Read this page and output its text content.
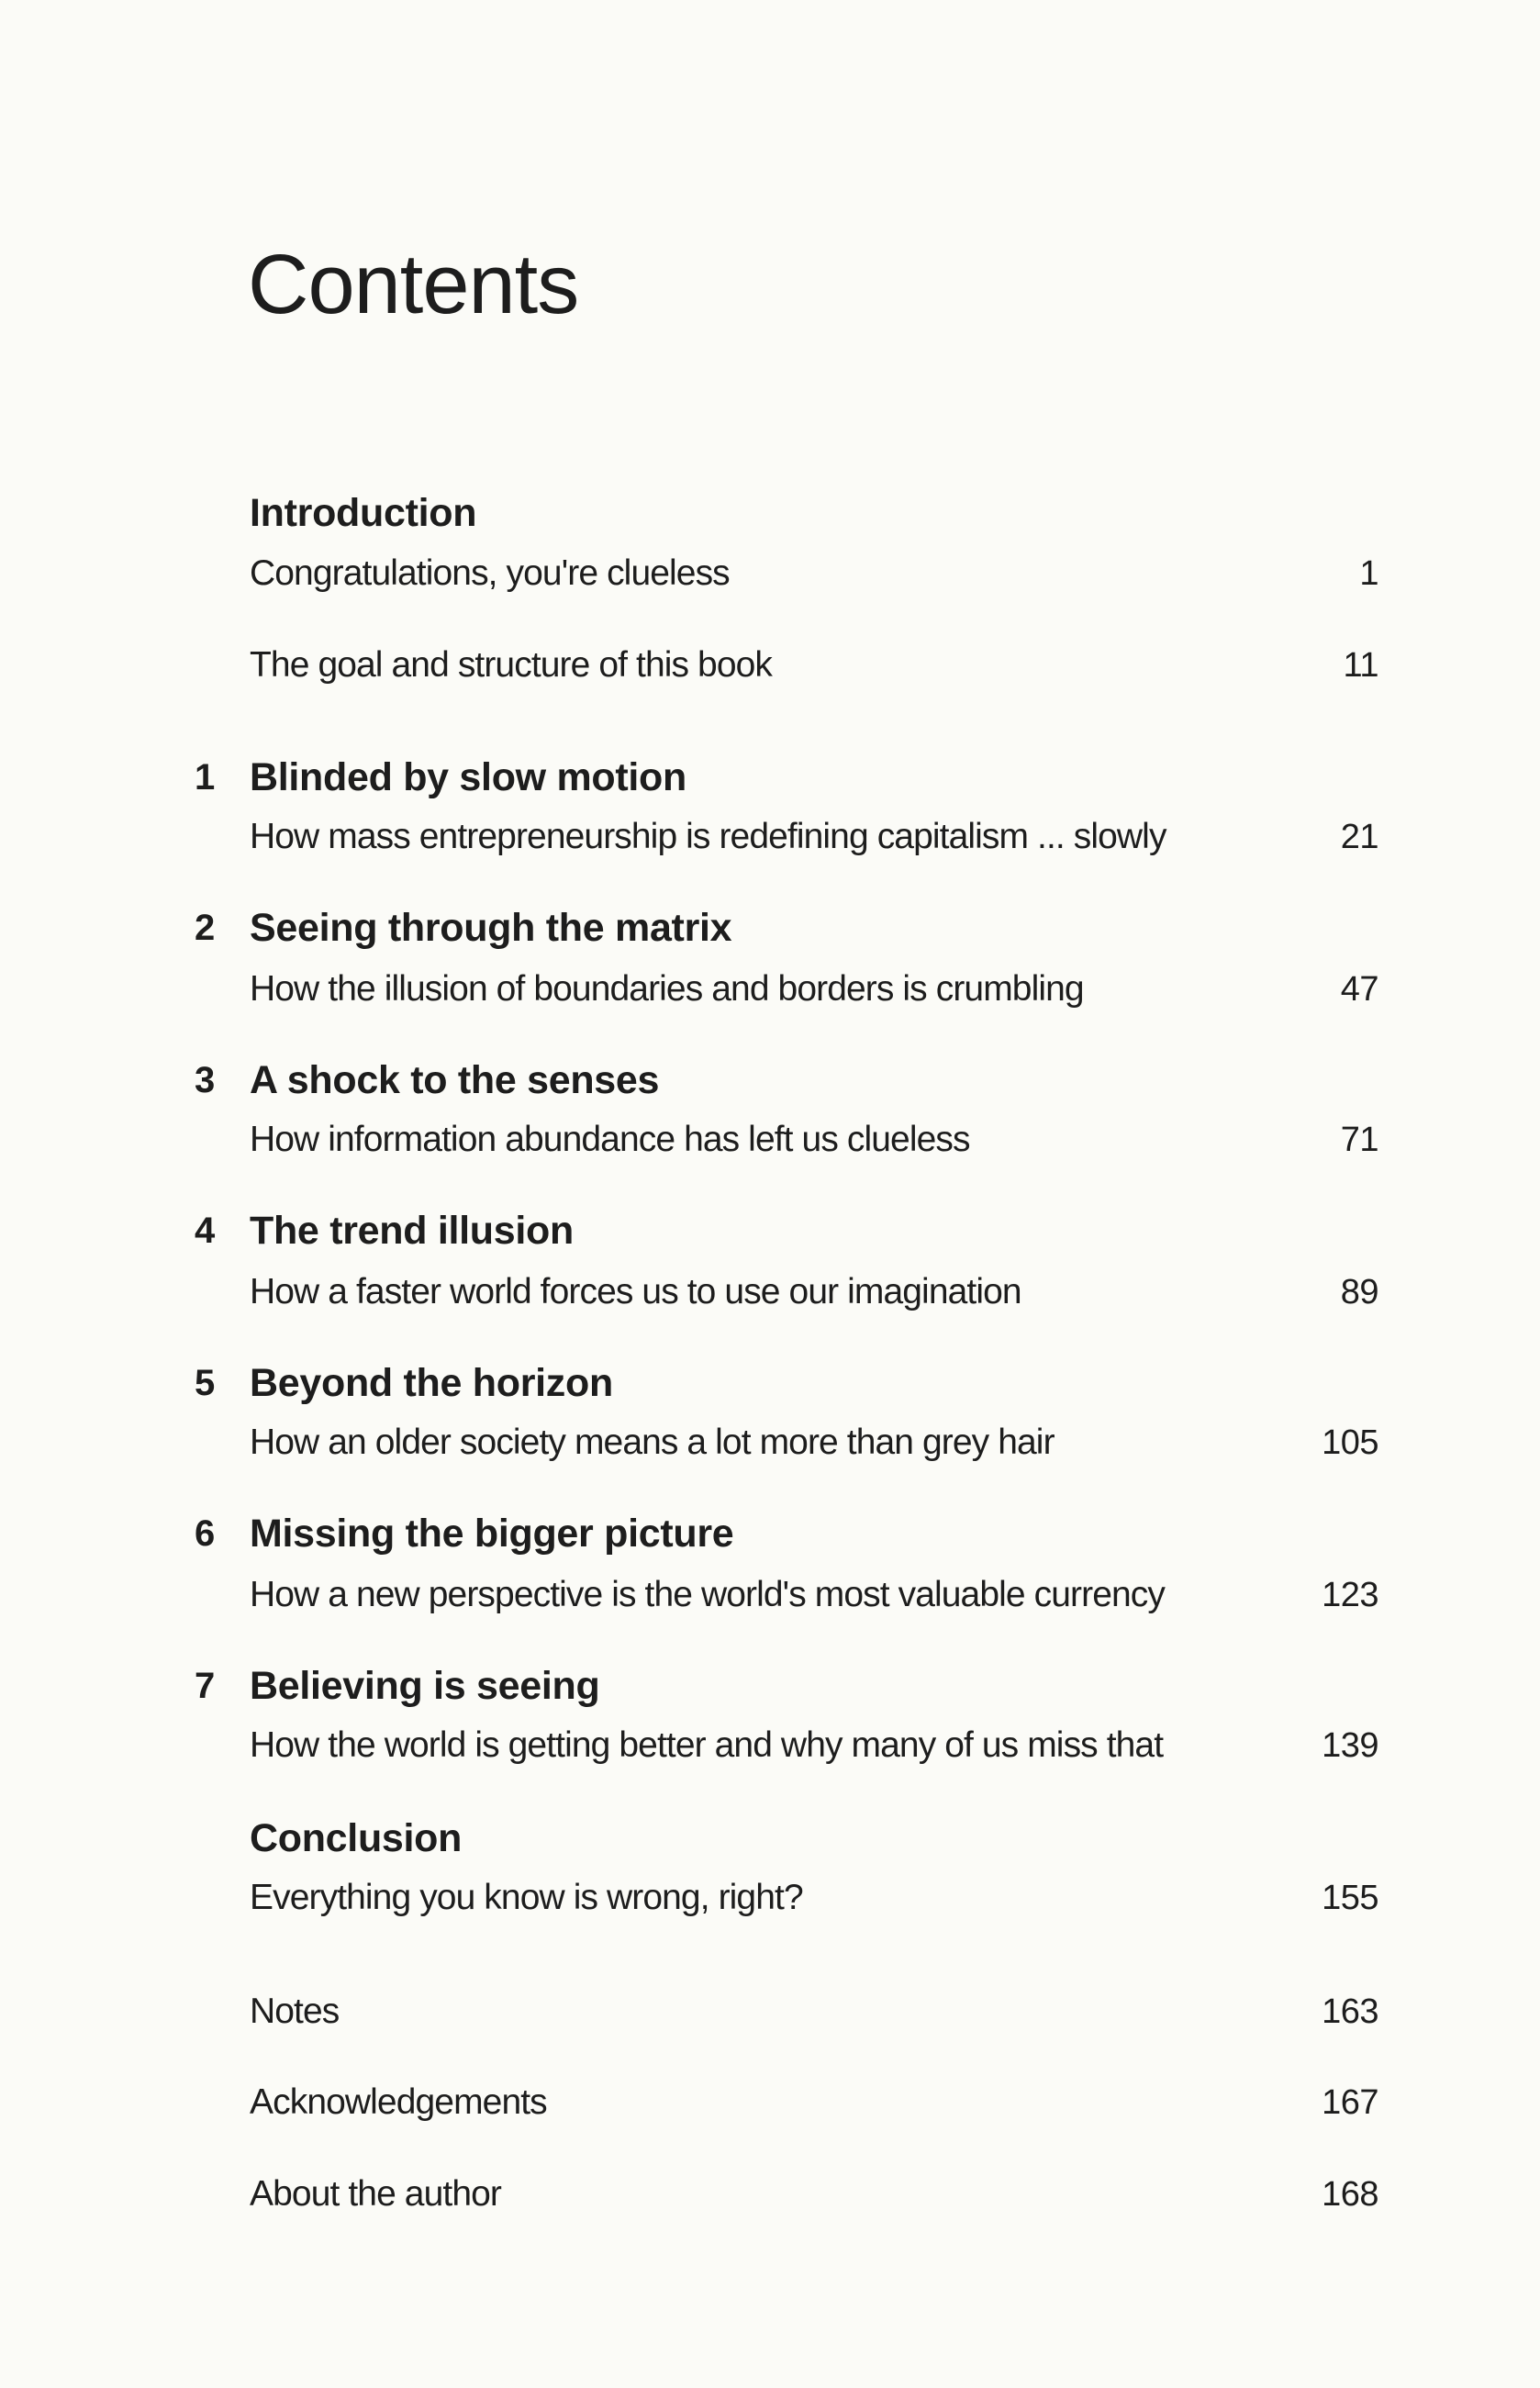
Contents
Introduction
Congratulations, you're clueless	1
The goal and structure of this book	11
1 Blinded by slow motion
How mass entrepreneurship is redefining capitalism ... slowly	21
2 Seeing through the matrix
How the illusion of boundaries and borders is crumbling	47
3 A shock to the senses
How information abundance has left us clueless	71
4 The trend illusion
How a faster world forces us to use our imagination	89
5 Beyond the horizon
How an older society means a lot more than grey hair	105
6 Missing the bigger picture
How a new perspective is the world's most valuable currency	123
7 Believing is seeing
How the world is getting better and why many of us miss that	139
Conclusion
Everything you know is wrong, right?	155
Notes	163
Acknowledgements	167
About the author	168
